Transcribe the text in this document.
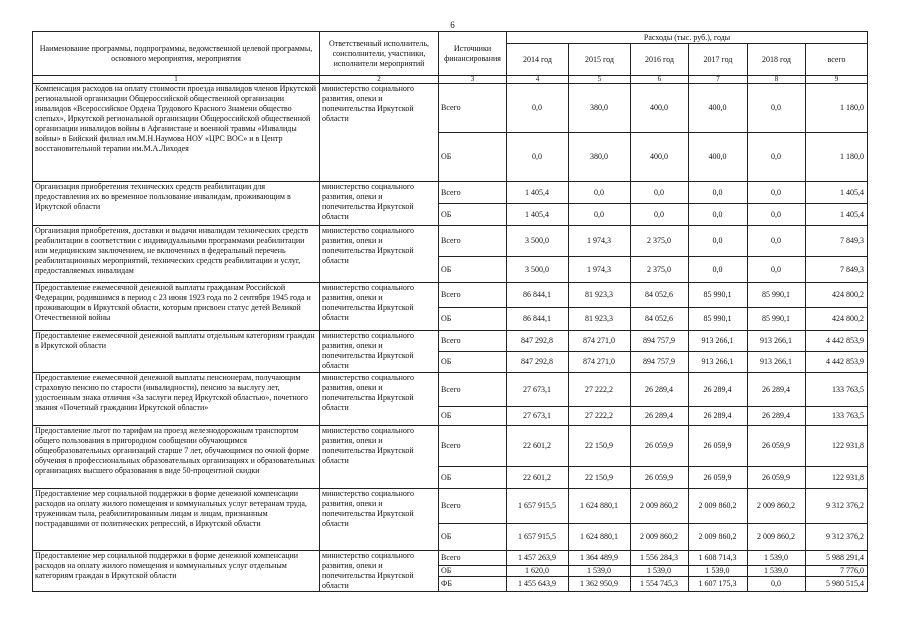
6
Наименование программы, подпрограммы, ведомственной целевой программы, основного мероприятия, мероприятия	Ответственный исполнитель, соисполнители, участники, исполнители мероприятий	Источники финансирования	Расходы (тыс. руб.), годы					
			2014 год	2015 год	2016 год	2017 год	2018 год	всего
1	2	3	4	5	6	7	8	9
Компенсация расходов на оплату стоимости проезда инвалидов членов Иркутской региональной организации Общероссийской общественной организации инвалидов «Всероссийское Ордена Трудового Красного Знамени общество слепых», Иркутской региональной организации Общероссийской общественной организации инвалидов войны в Афганистане и военной травмы «Инвалиды войны» в Бийский филиал им.М.Н.Наумова НОУ «ЦРС ВОС» и в Центр восстановительной терапии им.М.А.Лиходея	министерство социального развития, опеки и попечительства Иркутской области	Всего	0,0	380,0	400,0	400,0	0,0	1 180,0
		ОБ	0,0	380,0	400,0	400,0	0,0	1 180,0
Организация приобретения технических средств реабилитации для предоставления их во временное пользование инвалидам, проживающим в Иркутской области	министерство социального развития, опеки и попечительства Иркутской области	Всего	1 405,4	0,0	0,0	0,0	0,0	1 405,4
		ОБ	1 405,4	0,0	0,0	0,0	0,0	1 405,4
Организация приобретения, доставки и выдачи инвалидам технических средств реабилитации в соответствии с индивидуальными программами реабилитации или медицинским заключением, не включенных в федеральный перечень реабилитационных мероприятий, технических средств реабилитации и услуг, предоставляемых инвалидам	министерство социального развития, опеки и попечительства Иркутской области	Всего	3 500,0	1 974,3	2 375,0	0,0	0,0	7 849,3
		ОБ	3 500,0	1 974,3	2 375,0	0,0	0,0	7 849,3
Предоставление ежемесячной денежной выплаты гражданам Российской Федерации, родившимся в период с 23 июня 1923 года по 2 сентября 1945 года и проживающим в Иркутской области, которым присвоен статус детей Великой Отечественной войны	министерство социального развития, опеки и попечительства Иркутской области	Всего	86 844,1	81 923,3	84 052,6	85 990,1	85 990,1	424 800,2
		ОБ	86 844,1	81 923,3	84 052,6	85 990,1	85 990,1	424 800,2
Предоставление ежемесячной денежной выплаты отдельным категориям граждан в Иркутской области	министерство социального развития, опеки и попечительства Иркутской области	Всего	847 292,8	874 271,0	894 757,9	913 266,1	913 266,1	4 442 853,9
		ОБ	847 292,8	874 271,0	894 757,9	913 266,1	913 266,1	4 442 853,9
Предоставление ежемесячной денежной выплаты пенсионерам, получающим страховую пенсию по старости (инвалидности), пенсию за выслугу лет, удостоенным знака отличия «За заслуги перед Иркутской областью», почетного звания «Почетный гражданин Иркутской области»	министерство социального развития, опеки и попечительства Иркутской области	Всего	27 673,1	27 222,2	26 289,4	26 289,4	26 289,4	133 763,5
		ОБ	27 673,1	27 222,2	26 289,4	26 289,4	26 289,4	133 763,5
Предоставление льгот по тарифам на проезд железнодорожным транспортом общего пользования в пригородном сообщении обучающимся общеобразовательных организаций старше 7 лет, обучающимся по очной форме обучения в профессиональных образовательных организациях и образовательных организациях высшего образования в виде 50-процентной скидки	министерство социального развития, опеки и попечительства Иркутской области	Всего	22 601,2	22 150,9	26 059,9	26 059,9	26 059,9	122 931,8
		ОБ	22 601,2	22 150,9	26 059,9	26 059,9	26 059,9	122 931,8
Предоставление мер социальной поддержки в форме денежной компенсации расходов на оплату жилого помещения и коммунальных услуг ветеранам труда, труженикам тыла, реабилитированным лицам и лицам, признанным пострадавшими от политических репрессий, в Иркутской области	министерство социального развития, опеки и попечительства Иркутской области	Всего	1 657 915,5	1 624 880,1	2 009 860,2	2 009 860,2	2 009 860,2	9 312 376,2
		ОБ	1 657 915,5	1 624 880,1	2 009 860,2	2 009 860,2	2 009 860,2	9 312 376,2
Предоставление мер социальной поддержки в форме денежной компенсации расходов на оплату жилого помещения и коммунальных услуг отдельным категориям граждан в Иркутской области	министерство социального развития, опеки и попечительства Иркутской области	Всего	1 457 263,9	1 364 489,9	1 556 284,3	1 608 714,3	1 539,0	5 988 291,4
		ОБ	1 620,0	1 539,0	1 539,0	1 539,0	1 539,0	7 776,0
		ФБ	1 455 643,9	1 362 950,9	1 554 745,3	1 607 175,3	0,0	5 980 515,4
